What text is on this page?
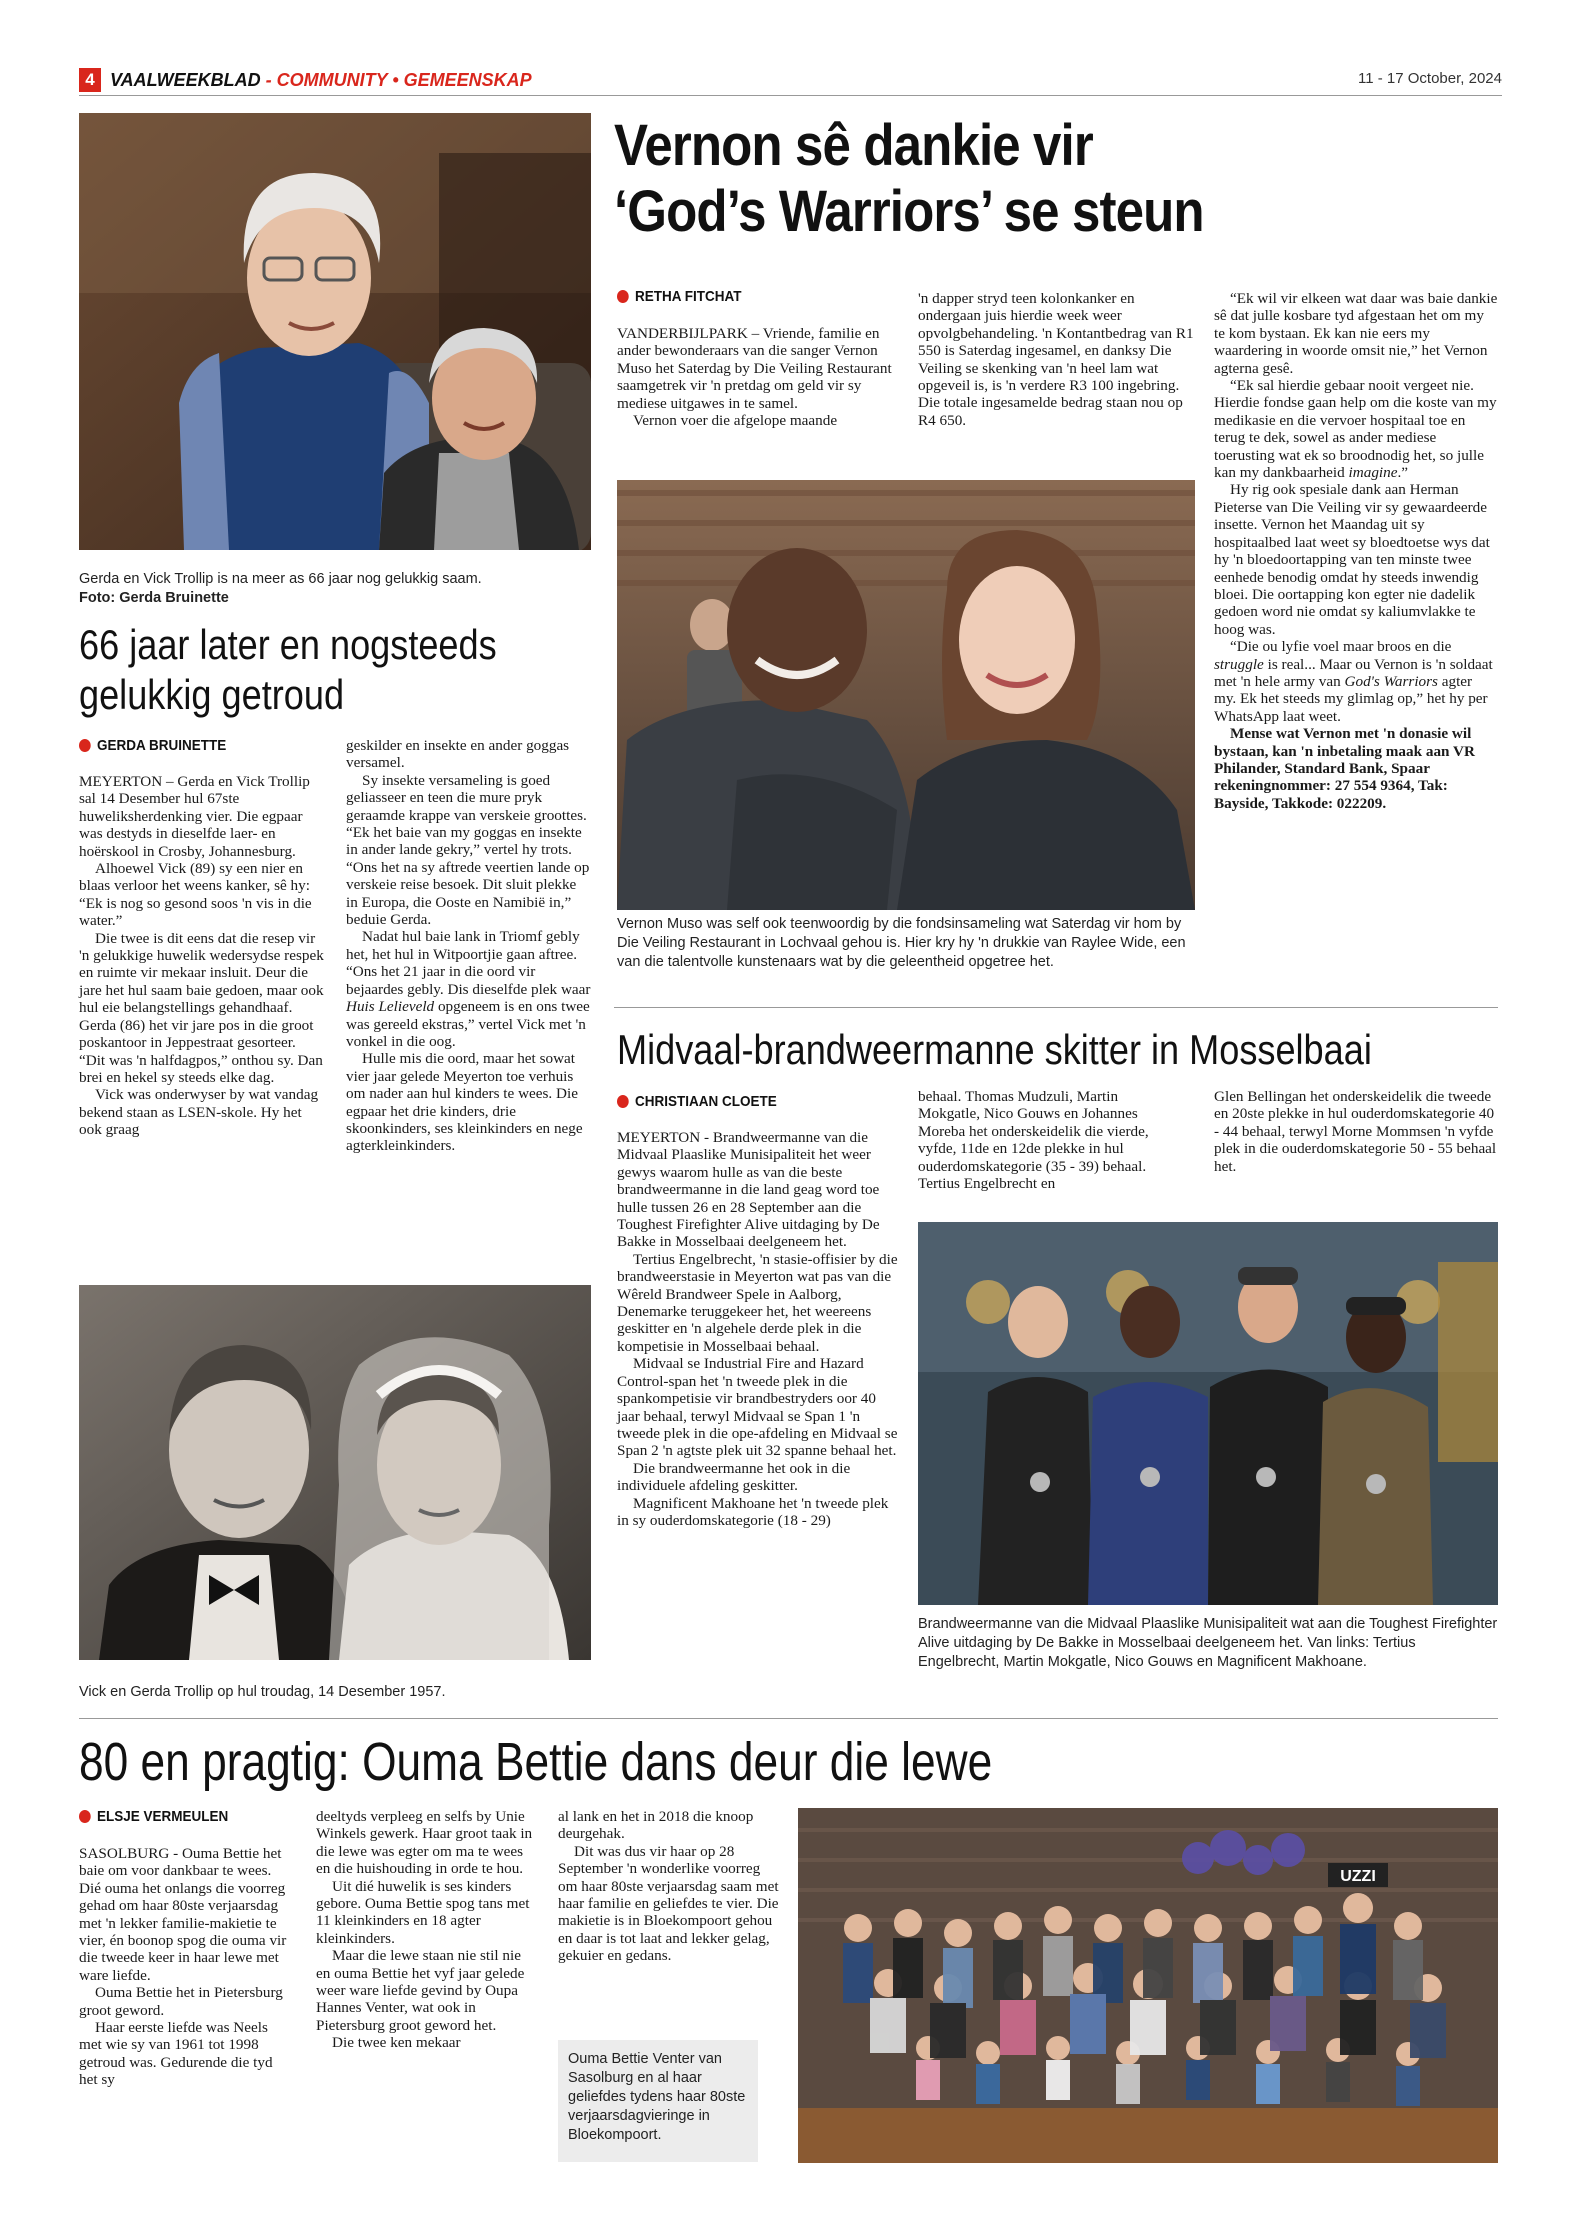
4 VAALWEEKBLAD - COMMUNITY • GEMEENSKAP	11 - 17 October, 2024
Gerda en Vick Trollip is na meer as 66 jaar nog gelukkig saam.
Foto: Gerda Bruinette
66 jaar later en nogsteeds
gelukkig getroud
GERDA BRUINETTE

MEYERTON – Gerda en Vick Trollip sal 14 Desember hul 67ste huweliksherdenking vier. Die egpaar was destyds in dieselfde laer- en hoërskool in Crosby, Johannesburg.

Alhoewel Vick (89) sy een nier en blaas verloor het weens kanker, sê hy: “Ek is nog so gesond soos 'n vis in die water.”

Die twee is dit eens dat die resep vir 'n gelukkige huwelik wedersydse respek en ruimte vir mekaar insluit. Deur die jare het hul saam baie gedoen, maar ook hul eie belangstellings gehandhaaf. Gerda (86) het vir jare pos in die groot poskantoor in Jeppestraat gesorteer. “Dit was 'n halfdagpos,” onthou sy. Dan brei en hekel sy steeds elke dag.

Vick was onderwyser by wat vandag bekend staan as LSEN-skole. Hy het ook graag

geskilder en insekte en ander goggas versamel.

Sy insekte versameling is goed geliasseer en teen die mure pryk geraamde krappe van verskeie groottes. “Ek het baie van my goggas en insekte in ander lande gekry,” vertel hy trots. “Ons het na sy aftrede veertien lande op verskeie reise besoek. Dit sluit plekke in Europa, die Ooste en Namibië in,” beduie Gerda.

Nadat hul baie lank in Triomf gebly het, het hul in Witpoortjie gaan aftree. “Ons het 21 jaar in die oord vir bejaardes gebly. Dis dieselfde plek waar Huis Lelieveld opgeneem is en ons twee was gereeld ekstras,” vertel Vick met 'n vonkel in die oog.

Hulle mis die oord, maar het sowat vier jaar gelede Meyerton toe verhuis om nader aan hul kinders te wees. Die egpaar het drie kinders, drie skoonkinders, ses kleinkinders en nege agterkleinkinders.

Vick en Gerda Trollip op hul troudag, 14 Desember 1957.
Vernon sê dankie vir
‘God’s Warriors’ se steun
RETHA FITCHAT

VANDERBIJLPARK – Vriende, familie en ander bewonderaars van die sanger Vernon Muso het Saterdag by Die Veiling Restaurant saamgetrek vir 'n pretdag om geld vir sy mediese uitgawes in te samel.

Vernon voer die afgelope maande

'n dapper stryd teen kolonkanker en ondergaan juis hierdie week weer opvolgbehandeling. 'n Kontantbedrag van R1 550 is Saterdag ingesamel, en danksy Die Veiling se skenking van 'n heel lam wat opgeveil is, is 'n verdere R3 100 ingebring. Die totale ingesamelde bedrag staan nou op R4 650.

Vernon Muso was self ook teenwoordig by die fondsinsameling wat Saterdag vir hom by Die Veiling Restaurant in Lochvaal gehou is. Hier kry hy 'n drukkie van Raylee Wide, een van die talentvolle kunstenaars wat by die geleentheid opgetree het.

“Ek wil vir elkeen wat daar was baie dankie sê dat julle kosbare tyd afgestaan het om my te kom bystaan. Ek kan nie eers my waardering in woorde omsit nie,” het Vernon agterna gesê.

“Ek sal hierdie gebaar nooit vergeet nie. Hierdie fondse gaan help om die koste van my medikasie en die vervoer hospitaal toe en terug te dek, sowel as ander mediese toerusting wat ek so broodnodig het, so julle kan my dankbaarheid imagine.”

Hy rig ook spesiale dank aan Herman Pieterse van Die Veiling vir sy gewaardeerde insette. Vernon het Maandag uit sy hospitaalbed laat weet sy bloedtoetse wys dat hy 'n bloedoortapping van ten minste twee eenhede benodig omdat hy steeds inwendig bloei. Die oortapping kon egter nie dadelik gedoen word nie omdat sy kaliumvlakke te hoog was.

“Die ou lyfie voel maar broos en die struggle is real... Maar ou Vernon is 'n soldaat met 'n hele army van God's Warriors agter my. Ek het steeds my glimlag op,” het hy per WhatsApp laat weet.

Mense wat Vernon met 'n donasie wil bystaan, kan 'n inbetaling maak aan VR Philander, Standard Bank, Spaar rekeningnommer: 27 554 9364, Tak: Bayside, Takkode: 022209.

Midvaal-brandweermanne skitter in Mosselbaai
CHRISTIAAN CLOETE

MEYERTON - Brandweermanne van die Midvaal Plaaslike Munisipaliteit het weer gewys waarom hulle as van die beste brandweermanne in die land geag word toe hulle tussen 26 en 28 September aan die Toughest Firefighter Alive uitdaging by De Bakke in Mosselbaai deelgeneem het.

Tertius Engelbrecht, 'n stasie-offisier by die brandweerstasie in Meyerton wat pas van die Wêreld Brandweer Spele in Aalborg, Denemarke teruggekeer het, het weereens geskitter en 'n algehele derde plek in die kompetisie in Mosselbaai behaal.

Midvaal se Industrial Fire and Hazard Control-span het 'n tweede plek in die spankompetisie vir brandbestryders oor 40 jaar behaal, terwyl Midvaal se Span 1 'n tweede plek in die ope-afdeling en Midvaal se Span 2 'n agtste plek uit 32 spanne behaal het.

Die brandweermanne het ook in die individuele afdeling geskitter.

Magnificent Makhoane het 'n tweede plek in sy ouderdomskategorie (18 - 29)

behaal. Thomas Mudzuli, Martin Mokgatle, Nico Gouws en Johannes Moreba het onderskeidelik die vierde, vyfde, 11de en 12de plekke in hul ouderdomskategorie (35 - 39) behaal. Tertius Engelbrecht en

Glen Bellingan het onderskeidelik die tweede en 20ste plekke in hul ouderdomskategorie 40 - 44 behaal, terwyl Morne Mommsen 'n vyfde plek in die ouderdomskategorie 50 - 55 behaal het.

Brandweermanne van die Midvaal Plaaslike Munisipaliteit wat aan die Toughest Firefighter Alive uitdaging by De Bakke in Mosselbaai deelgeneem het. Van links: Tertius Engelbrecht, Martin Mokgatle, Nico Gouws en Magnificent Makhoane.
80 en pragtig: Ouma Bettie dans deur die lewe
ELSJE VERMEULEN

SASOLBURG - Ouma Bettie het baie om voor dankbaar te wees. Dié ouma het onlangs die voorreg gehad om haar 80ste verjaarsdag met 'n lekker familie-makietie te vier, én boonop spog die ouma vir die tweede keer in haar lewe met ware liefde.

Ouma Bettie het in Pietersburg groot geword.

Haar eerste liefde was Neels met wie sy van 1961 tot 1998 getroud was. Gedurende die tyd het sy

deeltyds verpleeg en selfs by Unie Winkels gewerk. Haar groot taak in die lewe was egter om ma te wees en die huishouding in orde te hou.

Uit dié huwelik is ses kinders gebore. Ouma Bettie spog tans met 11 kleinkinders en 18 agter kleinkinders.

Maar die lewe staan nie stil nie en ouma Bettie het vyf jaar gelede weer ware liefde gevind by Oupa Hannes Venter, wat ook in Pietersburg groot geword het.

Die twee ken mekaar

al lank en het in 2018 die knoop deurgehak.

Dit was dus vir haar op 28 September 'n wonderlike voorreg om haar 80ste verjaarsdag saam met haar familie en geliefdes te vier. Die makietie is in Bloekompoort gehou en daar is tot laat and lekker gelag, gekuier en gedans.

Ouma Bettie Venter van Sasolburg en al haar geliefdes tydens haar 80ste verjaarsdagvieringe in Bloekompoort.
UZZI
